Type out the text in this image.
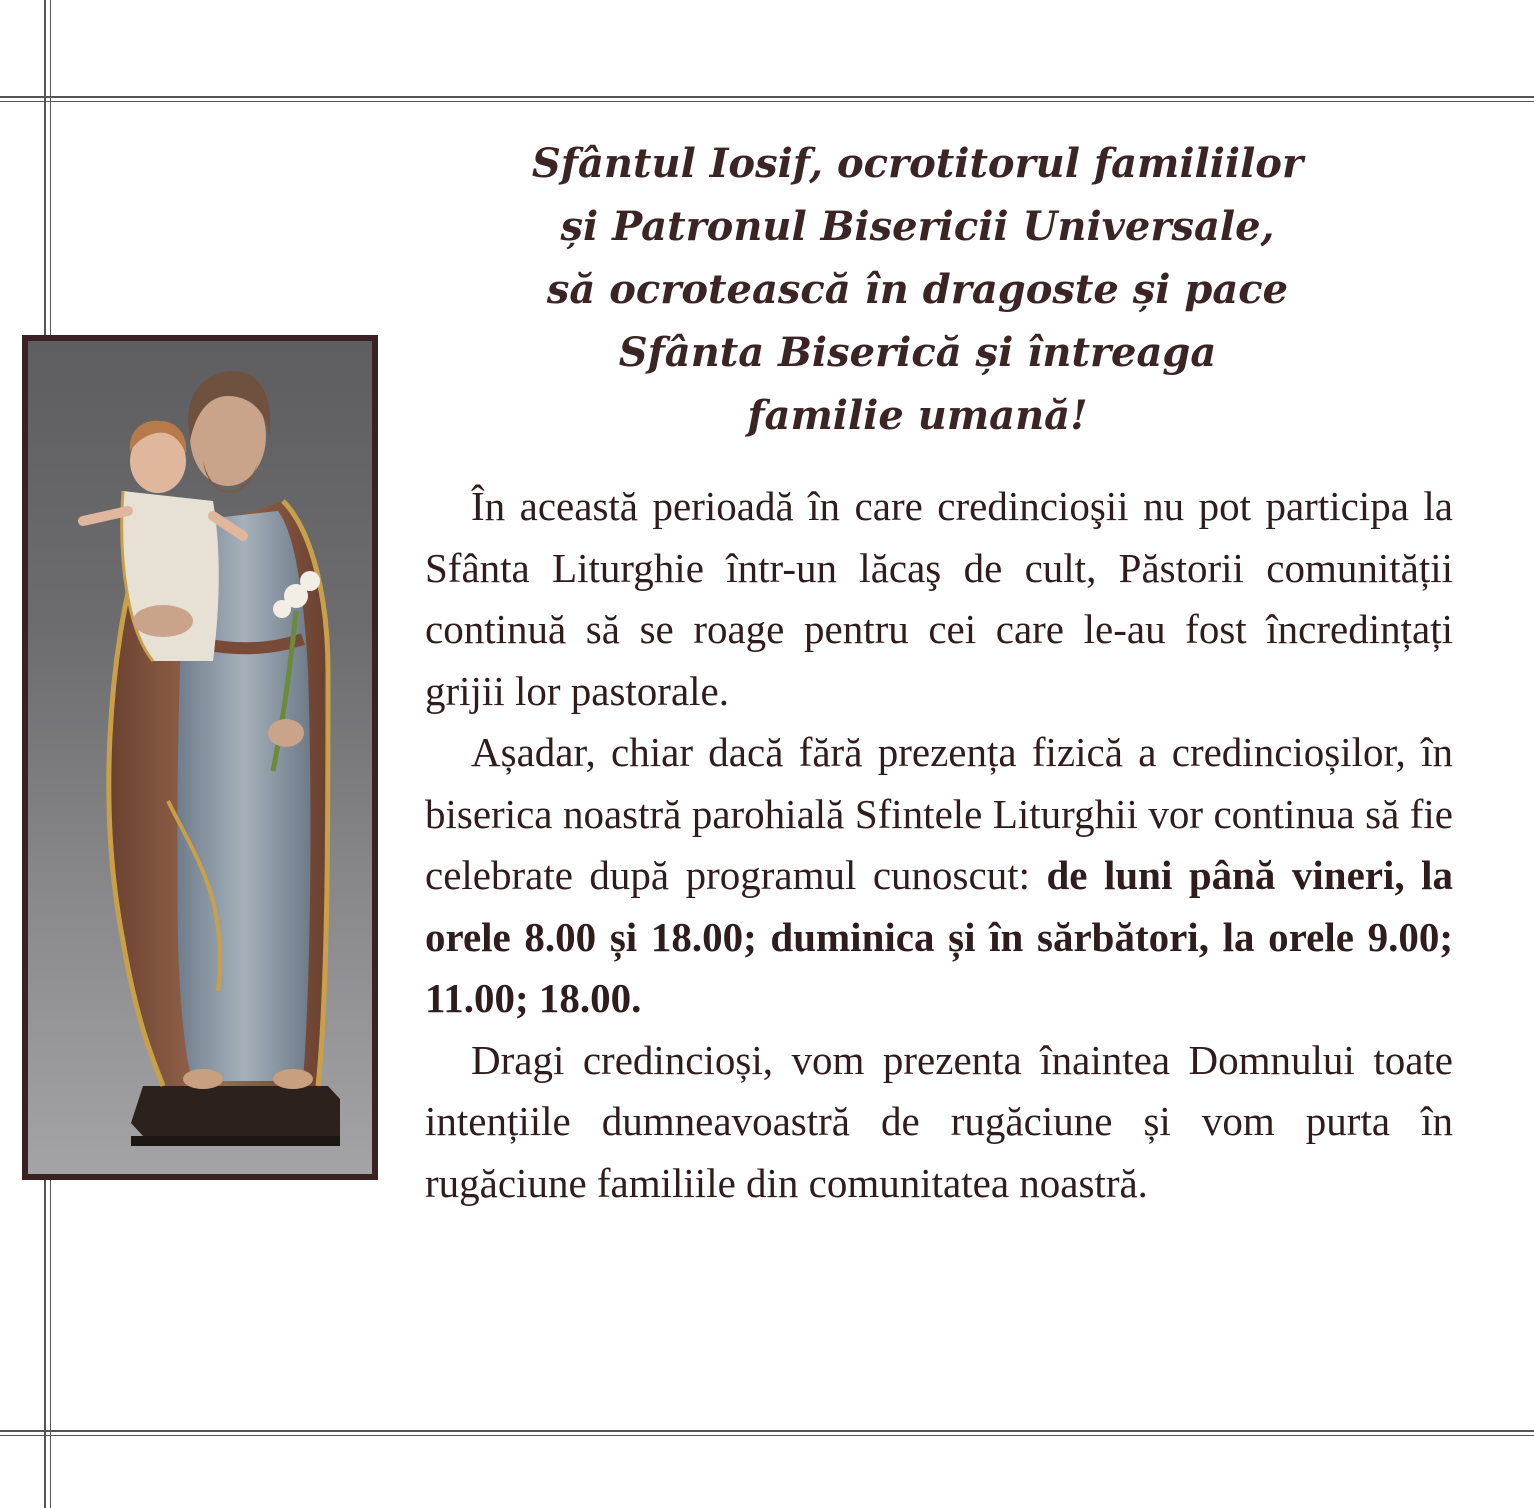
Sfântul Iosif, ocrotitorul familiilor
și Patronul Bisericii Universale,
să ocrotească în dragoste și pace
Sfânta Biserică și întreaga
familie umană!

În această perioadă în care credincioşii nu pot participa la Sfânta Liturghie într-un lăcaş de cult, Păstorii comunității continuă să se roage pentru cei care le-au fost încredințați grijii lor pastorale.

Așadar, chiar dacă fără prezența fizică a credincioșilor, în biserica noastră parohială Sfintele Liturghii vor continua să fie celebrate după programul cunoscut: de luni până vineri, la orele 8.00 și 18.00; duminica și în sărbători, la orele 9.00; 11.00; 18.00.

Dragi credincioși, vom prezenta înaintea Domnului toate intențiile dumneavoastră de rugăciune și vom purta în rugăciune familiile din comunitatea noastră.
